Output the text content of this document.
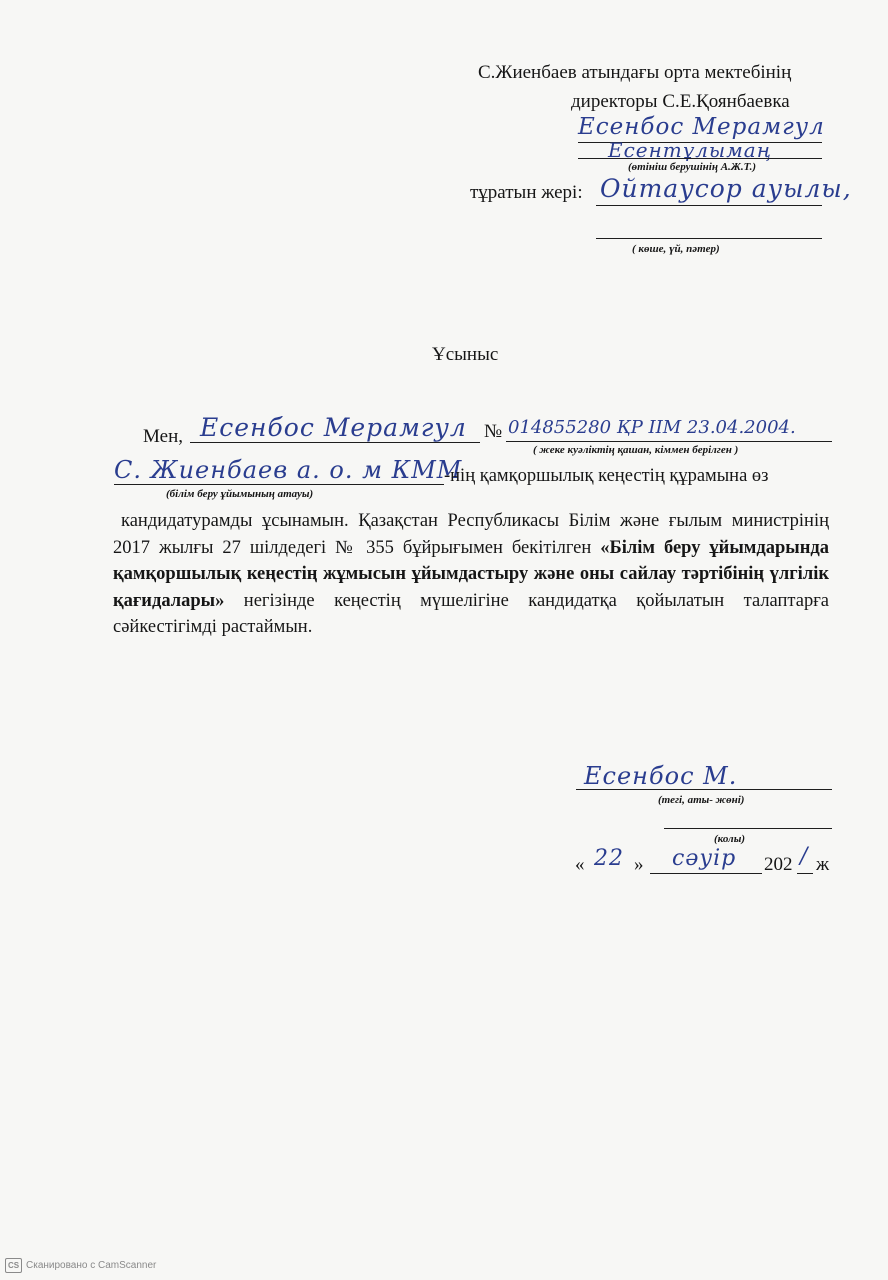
С.Жиенбаев атындағы орта мектебінің
директоры С.Е.Қоянбаевка
Есенбос Мерамгул
Есентұлымаң
(өтініш берушінің А.Ж.Т.)
тұратын жері: Ойтаусор ауылы,
( көше, үй, пәтер)
Ұсыныс
Мен, Есенбос Мерамгул № 014855280 ҚР ІІМ 23.04.2004.
( жеке куәліктің қашан, кіммен берілген )
С. Жиенбаев а. о. м КММ
-нің қамқоршылық кеңестің құрамына өз
(білім беру ұйымының атауы)

кандидатурамды ұсынамын. Қазақстан Республикасы Білім және ғылым министрінің 2017 жылғы 27 шілдедегі № 355 бұйрығымен бекітілген «Білім беру ұйымдарында қамқоршылық кеңестің жұмысын ұйымдастыру және оны сайлау тәртібінің үлгілік қағидалары» негізінде кеңестің мүшелігіне кандидатқа қойылатын талаптарға сәйкестігімді растаймын.

Есенбос М.
(тегі, аты- жөні)
(колы)
« 22 » сәуір 202 / ж
CS Сканировано с CamScanner
